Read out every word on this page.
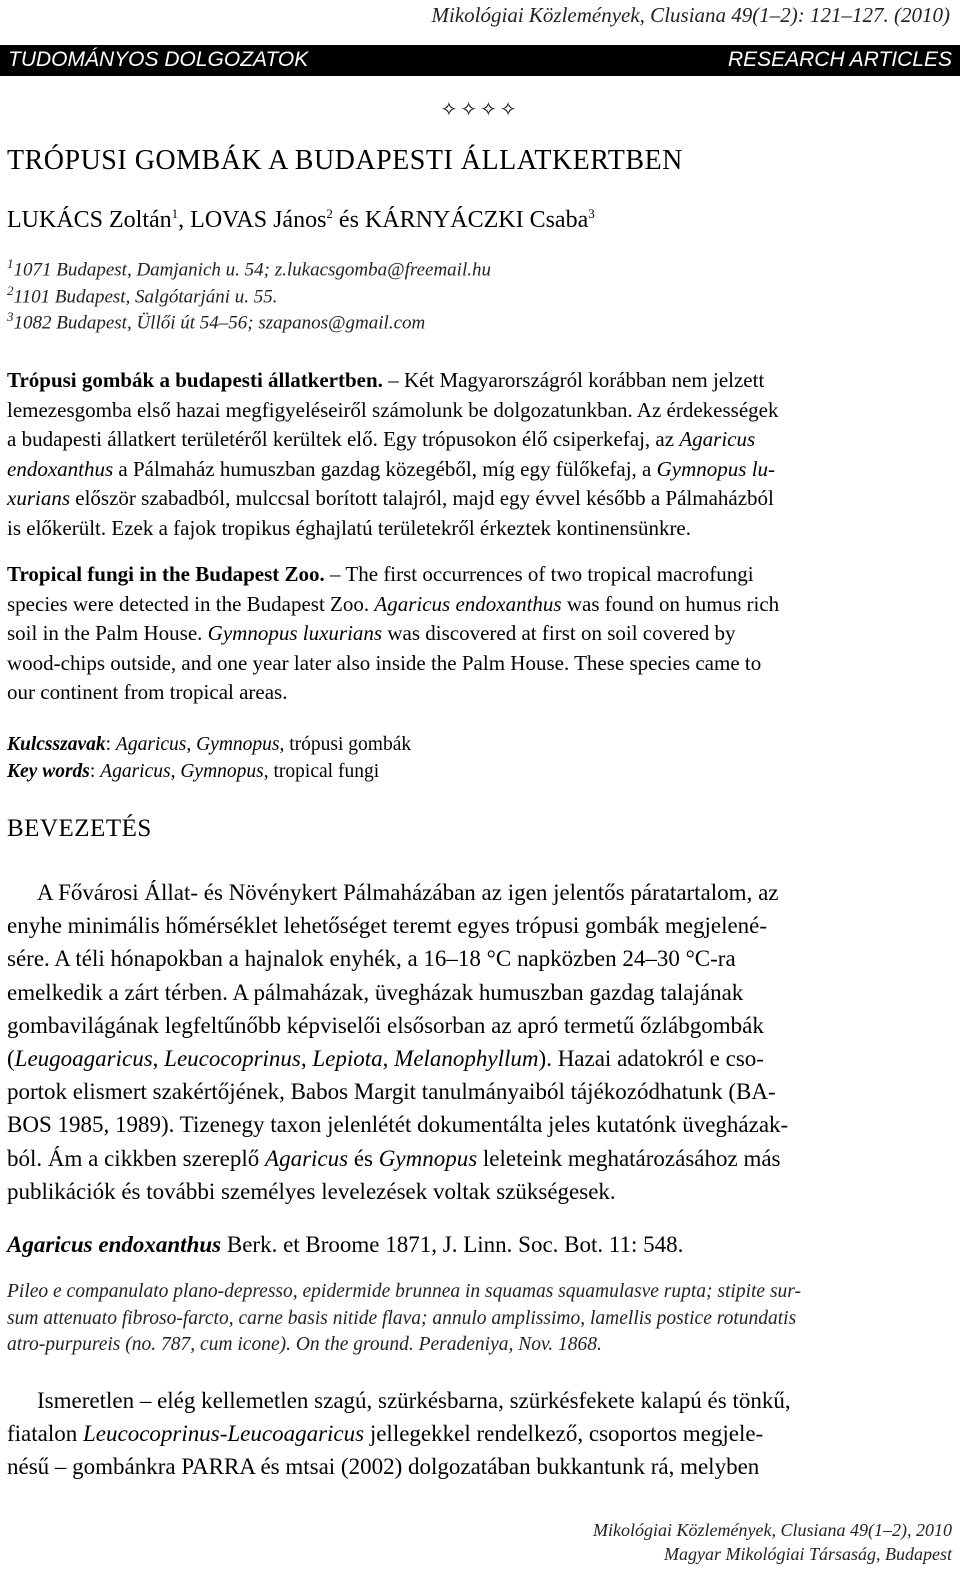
Mikológiai Közlemények, Clusiana 49(1–2): 121–127. (2010)
TUDOMÁNYOS DOLGOZATOK	RESEARCH ARTICLES
✧✧✧✧
TRÓPUSI GOMBÁK A BUDAPESTI ÁLLATKERTBEN
LUKÁCS Zoltán$^1$, LOVAS János$^2$ és KÁRNYÁCZKI Csaba$^3$
$^1$1071 Budapest, Damjanich u. 54; z.lukacsgomba@freemail.hu
$^2$1101 Budapest, Salgótarjáni u. 55.
$^3$1082 Budapest, Üllői út 54–56; szapanos@gmail.com
Trópusi gombák a budapesti állatkertben. – Két Magyarországról korábban nem jelzett
lemezesgomba első hazai megfigyeléseiről számolunk be dolgozatunkban. Az érdekességek
a budapesti állatkert területéről kerültek elő. Egy trópusokon élő csiperkefaj, az Agaricus
endoxanthus a Pálmaház humuszban gazdag közegéből, míg egy fülőkefaj, a Gymnopus lu-
xurians először szabadból, mulccsal borított talajról, majd egy évvel később a Pálmaházból
is előkerült. Ezek a fajok tropikus éghajlatú területekről érkeztek kontinensünkre.
Tropical fungi in the Budapest Zoo. – The first occurrences of two tropical macrofungi
species were detected in the Budapest Zoo. Agaricus endoxanthus was found on humus rich
soil in the Palm House. Gymnopus luxurians was discovered at first on soil covered by
wood-chips outside, and one year later also inside the Palm House. These species came to
our continent from tropical areas.
Kulcsszavak: Agaricus, Gymnopus, trópusi gombák
Key words: Agaricus, Gymnopus, tropical fungi
BEVEZETÉS
A Fővárosi Állat- és Növénykert Pálmaházában az igen jelentős páratartalom, az
enyhe minimális hőmérséklet lehetőséget teremt egyes trópusi gombák megjelené-
sére. A téli hónapokban a hajnalok enyhék, a 16–18 °C napközben 24–30 °C-ra
emelkedik a zárt térben. A pálmaházak, üvegházak humuszban gazdag talajának
gombavilágának legfeltűnőbb képviselői elsősorban az apró termetű őzlábgombák
(Leugoagaricus, Leucocoprinus, Lepiota, Melanophyllum). Hazai adatokról e cso-
portok elismert szakértőjének, Babos Margit tanulmányaiból tájékozódhatunk (BA-
BOS 1985, 1989). Tizenegy taxon jelenlétét dokumentálta jeles kutatónk üvegházak-
ból. Ám a cikkben szereplő Agaricus és Gymnopus leleteink meghatározásához más
publikációk és további személyes levelezések voltak szükségesek.
Agaricus endoxanthus Berk. et Broome 1871, J. Linn. Soc. Bot. 11: 548.
Pileo e companulato plano-depresso, epidermide brunnea in squamas squamulasve rupta; stipite sur-
sum attenuato fibroso-farcto, carne basis nitide flava; annulo amplissimo, lamellis postice rotundatis
atro-purpureis (no. 787, cum icone). On the ground. Peradeniya, Nov. 1868.
Ismeretlen – elég kellemetlen szagú, szürkésbarna, szürkésfekete kalapú és tönkű,
fiatalon Leucocoprinus-Leucoagaricus jellegekkel rendelkező, csoportos megjele-
nésű – gombánkra PARRA és mtsai (2002) dolgozatában bukkantunk rá, melyben
Mikológiai Közlemények, Clusiana 49(1–2), 2010
Magyar Mikológiai Társaság, Budapest
